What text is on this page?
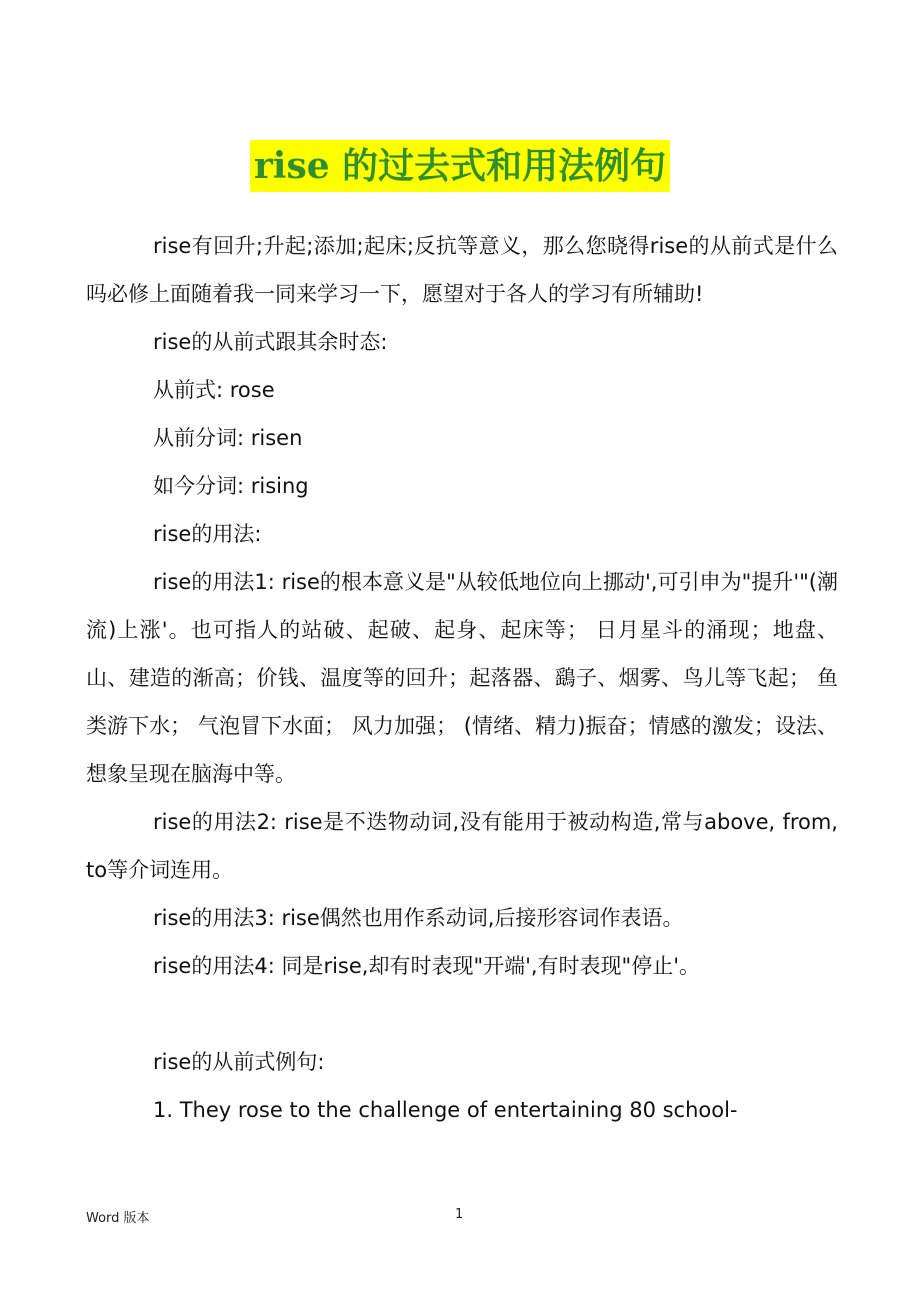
rise 的过去式和用法例句

rise有回升;升起;添加;起床;反抗等意义，那么您晓得rise的从前式是什么吗必修上面随着我一同来学习一下，愿望对于各人的学习有所辅助!

rise的从前式跟其余时态:

从前式: rose

从前分词: risen

如今分词: rising

rise的用法:

rise的用法1: rise的根本意义是"从较低地位向上挪动',可引申为"提升'"(潮流)上涨'。也可指人的站破、起破、起身、起床等； 日月星斗的涌现；地盘、山、建造的渐高；价钱、温度等的回升；起落器、鷂子、烟雾、鸟儿等飞起； 鱼类游下水； 气泡冒下水面； 风力加强； (情绪、精力)振奋；情感的激发；设法、想象呈现在脑海中等。

rise的用法2: rise是不迭物动词,没有能用于被动构造,常与above, from, to等介词连用。

rise的用法3: rise偶然也用作系动词,后接形容词作表语。

rise的用法4: 同是rise,却有时表现"开端',有时表现"停止'。

rise的从前式例句:

1. They rose to the challenge of entertaining 80 school-

Word 版本	1
